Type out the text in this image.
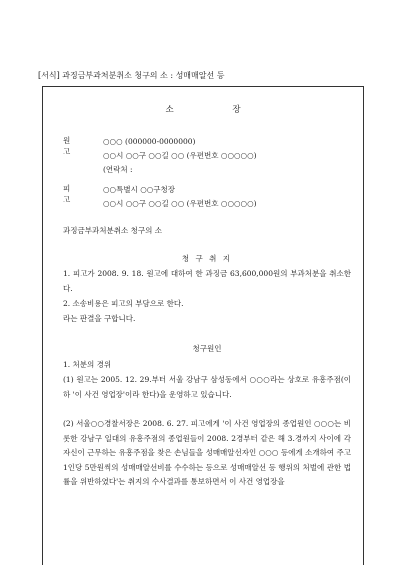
[서식] 과징금부과처분취소 청구의 소 : 성매매알선 등
소 장
원 고
○○○ (000000-0000000)
○○시 ○○구 ○○길 ○○ (우편번호 ○○○○○)
(연락처 :
피 고
○○특별시 ○○구청장
○○시 ○○구 ○○길 ○○ (우편번호 ○○○○○)
과징금부과처분취소 청구의 소
청 구 취 지
1. 피고가 2008. 9. 18. 원고에 대하여 한 과징금 63,600,000원의 부과처분을 취소한다.
2. 소송비용은 피고의 부담으로 한다.
라는 판결을 구합니다.
청구원인
1. 처분의 경위
(1) 원고는 2005. 12. 29.부터 서울 강남구 삼성동에서 ○○○라는 상호로 유흥주점(이하 '이 사건 영업장'이라 한다)을 운영하고 있습니다.
(2) 서울○○경찰서장은 2008. 6. 27. 피고에게 '이 사건 영업장의 종업원인 ○○○는 비롯한 강남구 일대의 유흥주점의 종업원들이 2008. 2경부터 같은 해 3.경까지 사이에 각 자신이 근무하는 유흥주점을 찾은 손님들을 성매매알선자인 ○○○ 등에게 소개하여 주고 1인당 5만원씩의 성매매알선비를 수수하는 등으로 성매매알선 등 행위의 처벌에 관한 법률을 위반하였다'는 취지의 수사결과를 통보하면서 이 사건 영업장을
